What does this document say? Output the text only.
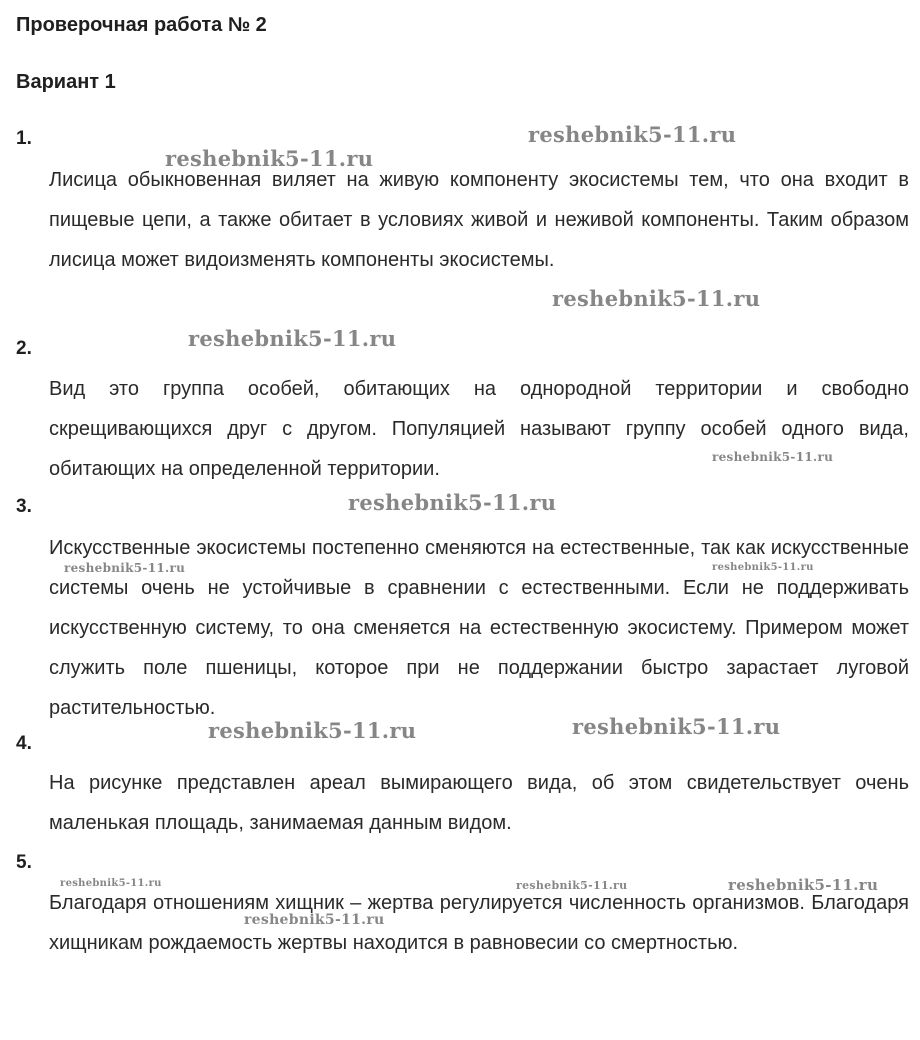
Проверочная работа № 2
Вариант 1
1.

Лисица обыкновенная виляет на живую компоненту экосистемы тем, что она входит в пищевые цепи, а также обитает в условиях живой и неживой компоненты. Таким образом лисица может видоизменять компоненты экосистемы.

2.

Вид это группа особей, обитающих на однородной территории и свободно скрещивающихся друг с другом. Популяцией называют группу особей одного вида, обитающих на определенной территории.

3.

Искусственные экосистемы постепенно сменяются на естественные, так как искусственные системы очень не устойчивые в сравнении с естественными. Если не поддерживать искусственную систему, то она сменяется на естественную экосистему. Примером может служить поле пшеницы, которое при не поддержании быстро зарастает луговой растительностью.

4.

На рисунке представлен ареал вымирающего вида, об этом свидетельствует очень маленькая площадь, занимаемая данным видом.

5.

Благодаря отношениям хищник – жертва регулируется численность организмов. Благодаря хищникам рождаемость жертвы находится в равновесии со смертностью.

reshebnik5-11.ru
reshebnik5-11.ru
reshebnik5-11.ru
reshebnik5-11.ru
reshebnik5-11.ru
reshebnik5-11.ru
reshebnik5-11.ru	reshebnik5-11.ru
reshebnik5-11.ru	reshebnik5-11.ru
reshebnik5-11.ru	reshebnik5-11.ru	reshebnik5-11.ru
reshebnik5-11.ru
